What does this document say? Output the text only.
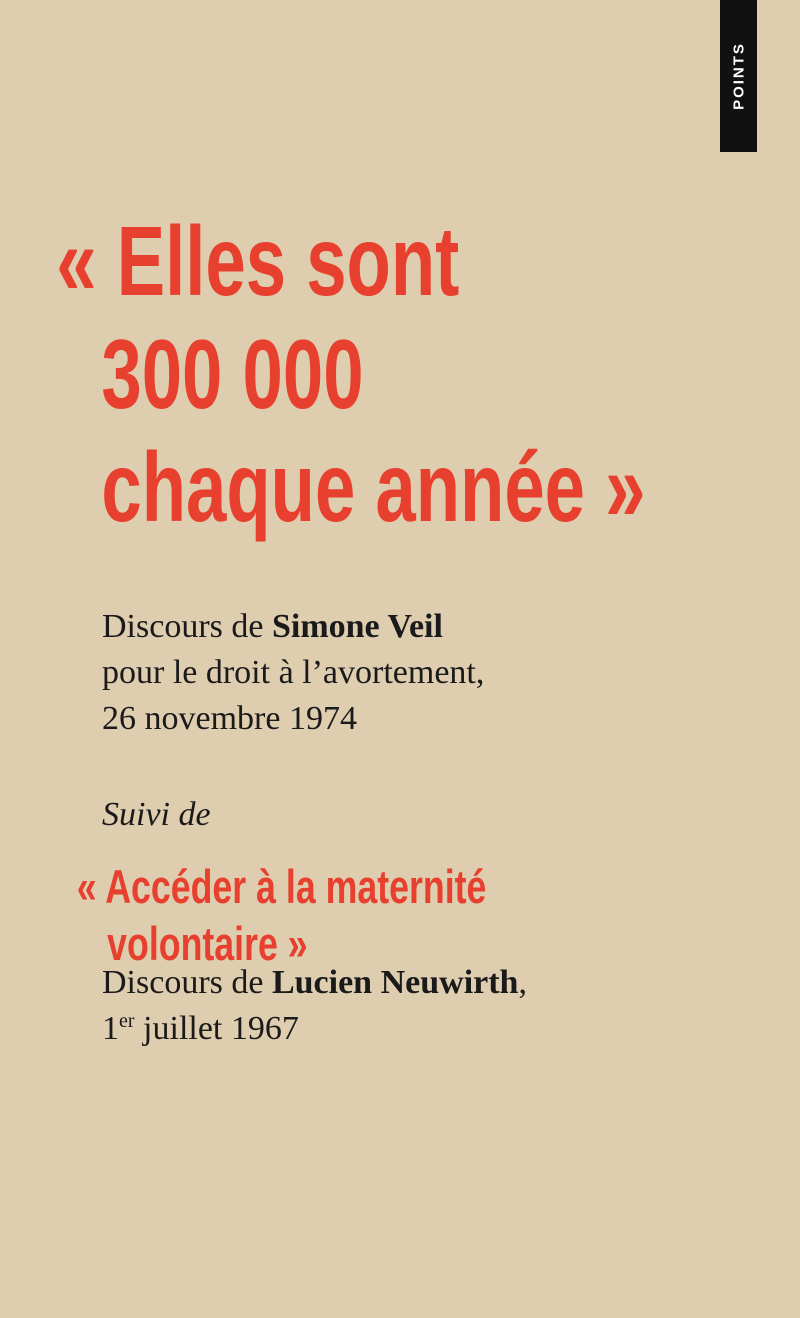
POINTS
« Elles sont
300 000
chaque année »
Discours de Simone Veil
pour le droit à l’avortement,
26 novembre 1974
Suivi de
« Accéder à la maternité
volontaire »
Discours de Lucien Neuwirth,
1er juillet 1967
